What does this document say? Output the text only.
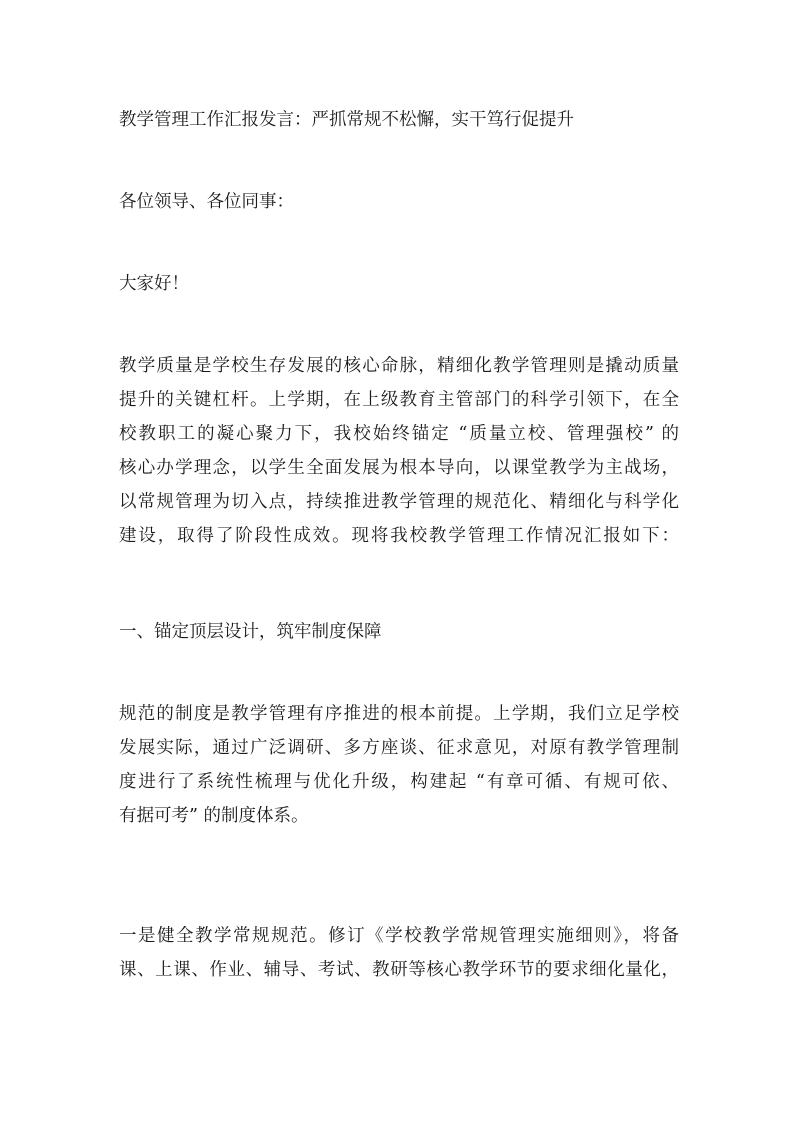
教学管理工作汇报发言：严抓常规不松懈，实干笃行促提升

各位领导、各位同事：

大家好！

教学质量是学校生存发展的核心命脉，精细化教学管理则是撬动质量
提升的关键杠杆。上学期，在上级教育主管部门的科学引领下，在全
校教职工的凝心聚力下，我校始终锚定 “质量立校、管理强校” 的
核心办学理念，以学生全面发展为根本导向，以课堂教学为主战场，
以常规管理为切入点，持续推进教学管理的规范化、精细化与科学化
建设，取得了阶段性成效。现将我校教学管理工作情况汇报如下：

一、锚定顶层设计，筑牢制度保障

规范的制度是教学管理有序推进的根本前提。上学期，我们立足学校
发展实际，通过广泛调研、多方座谈、征求意见，对原有教学管理制
度进行了系统性梳理与优化升级，构建起 “有章可循、有规可依、
有据可考” 的制度体系。
一是健全教学常规规范。修订《学校教学常规管理实施细则》，将备
课、上课、作业、辅导、考试、教研等核心教学环节的要求细化量化，
